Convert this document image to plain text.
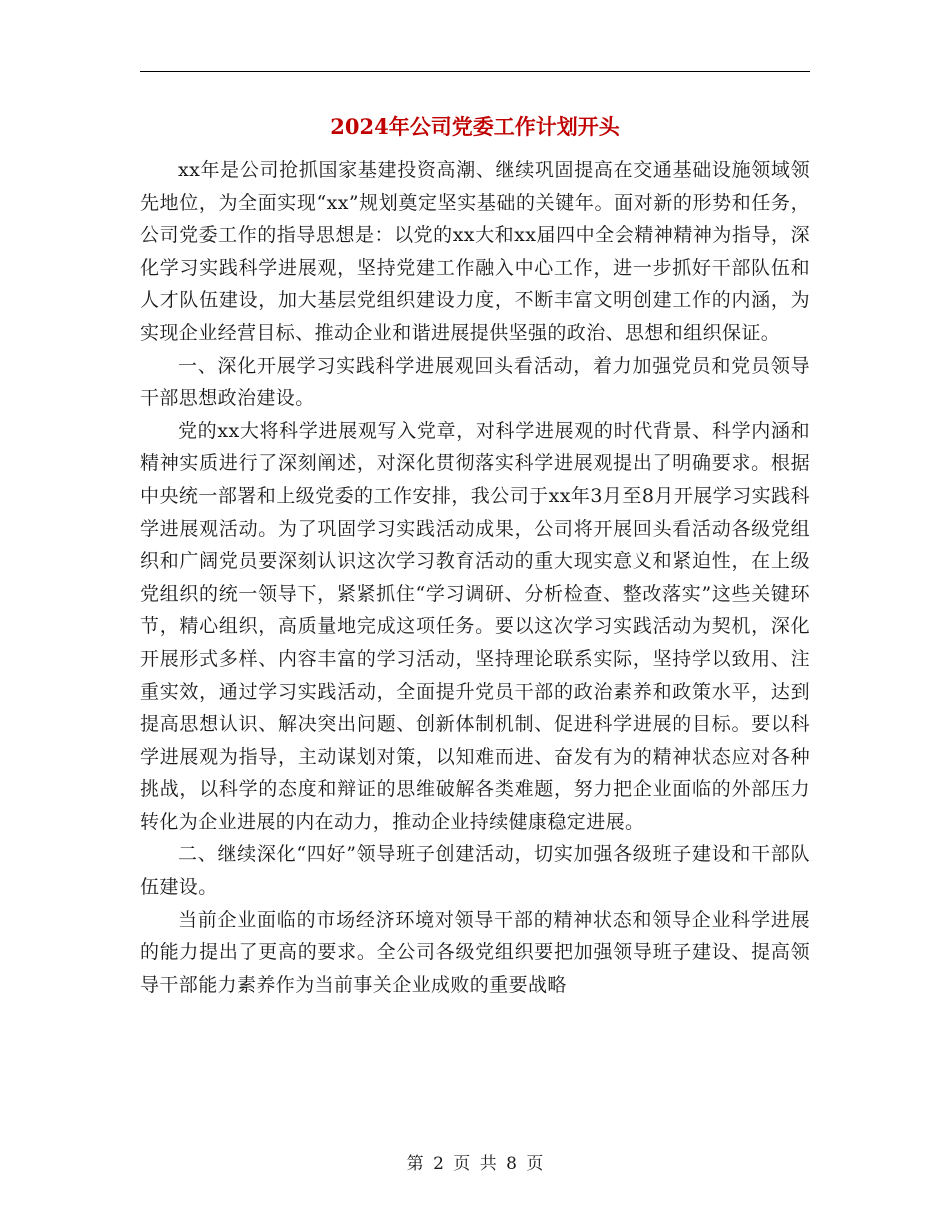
2024年公司党委工作计划开头

xx年是公司抢抓国家基建投资高潮、继续巩固提高在交通基础设施领域领先地位，为全面实现“xx”规划奠定坚实基础的关键年。面对新的形势和任务，公司党委工作的指导思想是：以党的xx大和xx届四中全会精神精神为指导，深化学习实践科学进展观，坚持党建工作融入中心工作，进一步抓好干部队伍和人才队伍建设，加大基层党组织建设力度，不断丰富文明创建工作的内涵，为实现企业经营目标、推动企业和谐进展提供坚强的政治、思想和组织保证。

一、深化开展学习实践科学进展观回头看活动，着力加强党员和党员领导干部思想政治建设。

党的xx大将科学进展观写入党章，对科学进展观的时代背景、科学内涵和精神实质进行了深刻阐述，对深化贯彻落实科学进展观提出了明确要求。根据中央统一部署和上级党委的工作安排，我公司于xx年3月至8月开展学习实践科学进展观活动。为了巩固学习实践活动成果，公司将开展回头看活动各级党组织和广阔党员要深刻认识这次学习教育活动的重大现实意义和紧迫性，在上级党组织的统一领导下，紧紧抓住“学习调研、分析检查、整改落实”这些关键环节，精心组织，高质量地完成这项任务。要以这次学习实践活动为契机，深化开展形式多样、内容丰富的学习活动，坚持理论联系实际，坚持学以致用、注重实效，通过学习实践活动，全面提升党员干部的政治素养和政策水平，达到提高思想认识、解决突出问题、创新体制机制、促进科学进展的目标。要以科学进展观为指导，主动谋划对策，以知难而进、奋发有为的精神状态应对各种挑战，以科学的态度和辩证的思维破解各类难题，努力把企业面临的外部压力转化为企业进展的内在动力，推动企业持续健康稳定进展。

二、继续深化“四好”领导班子创建活动，切实加强各级班子建设和干部队伍建设。

当前企业面临的市场经济环境对领导干部的精神状态和领导企业科学进展的能力提出了更高的要求。全公司各级党组织要把加强领导班子建设、提高领导干部能力素养作为当前事关企业成败的重要战略

第 2 页 共 8 页
